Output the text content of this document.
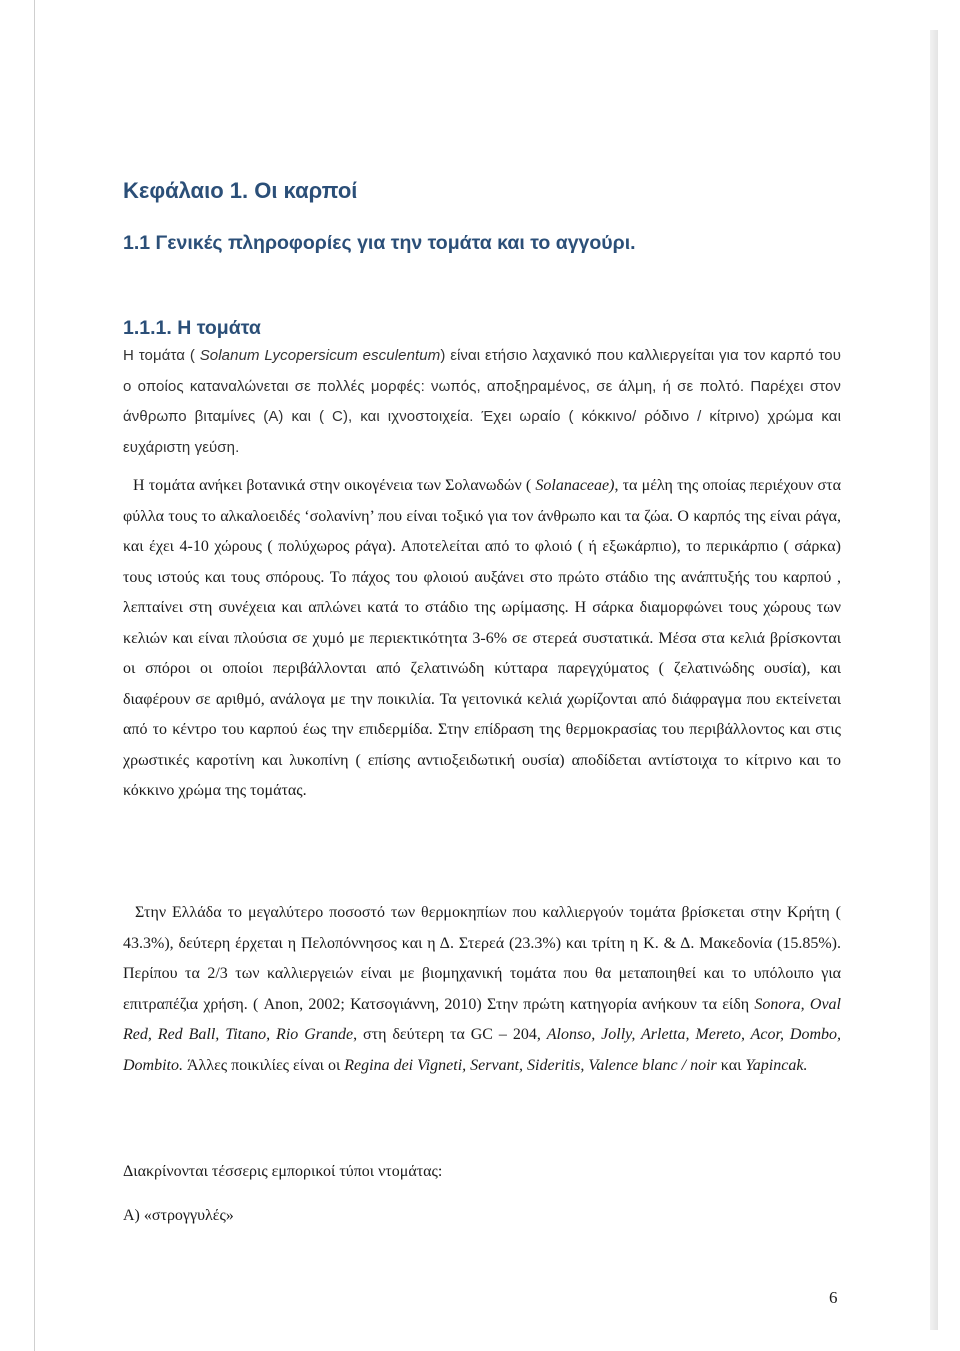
Κεφάλαιο 1. Οι καρποί
1.1 Γενικές πληροφορίες για την τομάτα και το αγγούρι.
1.1.1. Η τομάτα

Η τομάτα ( Solanum Lycopersicum esculentum) είναι ετήσιο λαχανικό που καλλιεργείται για τον καρπό του ο οποίος καταναλώνεται σε πολλές μορφές: νωπός, αποξηραμένος, σε άλμη, ή σε πολτό. Παρέχει στον άνθρωπο βιταμίνες (Α) και ( C), και ιχνοστοιχεία. Έχει ωραίο ( κόκκινο/ ρόδινο / κίτρινο) χρώμα και ευχάριστη γεύση.

Η τομάτα ανήκει βοτανικά στην οικογένεια των Σολανωδών ( Solanaceae), τα μέλη της οποίας περιέχουν στα φύλλα τους το αλκαλοειδές ‘σολανίνη’ που είναι τοξικό για τον άνθρωπο και τα ζώα. Ο καρπός της είναι ράγα, και έχει 4-10 χώρους ( πολύχωρος ράγα). Αποτελείται από το φλοιό ( ή εξωκάρπιο), το περικάρπιο ( σάρκα) τους ιστούς και τους σπόρους. Το πάχος του φλοιού αυξάνει στο πρώτο στάδιο της ανάπτυξής του καρπού , λεπταίνει στη συνέχεια και απλώνει κατά το στάδιο της ωρίμασης. Η σάρκα διαμορφώνει τους χώρους των κελιών και είναι πλούσια σε χυμό με περιεκτικότητα 3-6% σε στερεά συστατικά. Μέσα στα κελιά βρίσκονται οι σπόροι οι οποίοι περιβάλλονται από ζελατινώδη κύτταρα παρεγχύματος ( ζελατινώδης ουσία), και διαφέρουν σε αριθμό, ανάλογα με την ποικιλία. Τα γειτονικά κελιά χωρίζονται από διάφραγμα που εκτείνεται από το κέντρο του καρπού έως την επιδερμίδα. Στην επίδραση της θερμοκρασίας του περιβάλλοντος και στις χρωστικές καροτίνη και λυκοπίνη ( επίσης αντιοξειδωτική ουσία) αποδίδεται αντίστοιχα το κίτρινο και το κόκκινο χρώμα της τομάτας.

Στην Ελλάδα το μεγαλύτερο ποσοστό των θερμοκηπίων που καλλιεργούν τομάτα βρίσκεται στην Κρήτη ( 43.3%), δεύτερη έρχεται η Πελοπόννησος και η Δ. Στερεά (23.3%) και τρίτη η Κ. & Δ. Μακεδονία (15.85%). Περίπου τα 2/3 των καλλιεργειών είναι με βιομηχανική τομάτα που θα μεταποιηθεί και το υπόλοιπο για επιτραπέζια χρήση. ( Anon, 2002; Κατσογιάννη, 2010) Στην πρώτη κατηγορία ανήκουν τα είδη Sonora, Oval Red, Red Ball, Titano, Rio Grande, στη δεύτερη τα GC – 204, Alonso, Jolly, Arletta, Mereto, Acor, Dombo, Dombito. Άλλες ποικιλίες είναι οι Regina dei Vigneti, Servant, Sideritis, Valence blanc / noir και Yapincak.

Διακρίνονται τέσσερις εμπορικοί τύποι ντομάτας:
Α) «στρογγυλές»
6
